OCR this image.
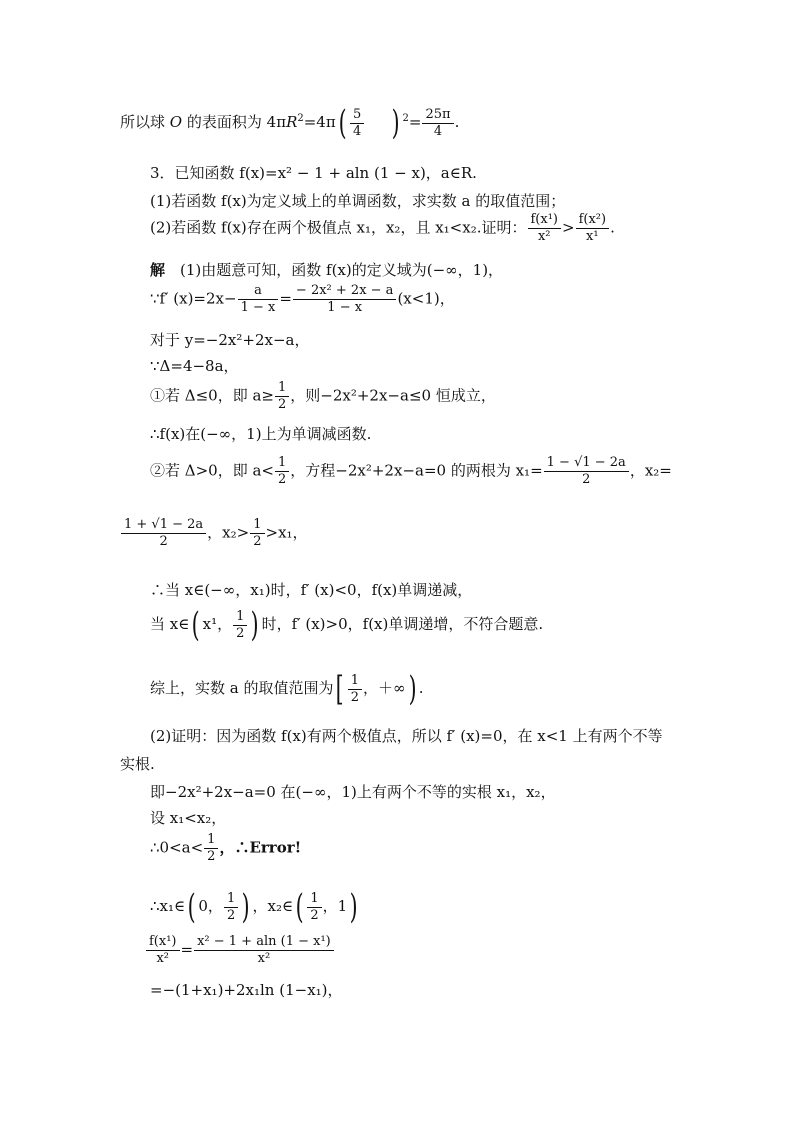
所以球 O 的表面积为 $4\pi R^2=4\pi( \frac{5}{4}$ ) $^2= \frac{25\pi}{4}$ .
3．已知函数 f(x)=x² − 1 + aln (1 − x)，a∈R.
(1)若函数 f(x)为定义域上的单调函数，求实数 a 的取值范围；
(2)若函数 f(x)存在两个极值点 x₁，x₂，且 x₁<x₂.证明： $\frac{\text{f(x¹)}}{\text{x²}} > \frac{\text{f(x²)}}{\text{x¹}}$ .
解　(1)由题意可知，函数 f(x)的定义域为(−∞，1)，
∵f′ $(x)=2x- \frac{a}{1 - x} = \frac{\text{− 2x² + 2x − a}}{1 - x} (x<1)$，
对于 y=−2x²+2x−a，
∵Δ=4−8a，
①若 Δ≤0，即 $a\ge \frac{1}{2}$ ，则−2x²+2x−a≤0 恒成立，
∴f(x)在(−∞，1)上为单调减函数.
②若 Δ>0，即 $a< \frac{1}{2}$ ，方程−2x²+2x−a=0 的两根为 $x_1= \frac{1 - √1 - 2a}{2}$ ，x₂=
$\frac{1 + √1 - 2a}{2}$ ，$x_2> \frac{1}{2} >x_1$，
∴当 x∈(−∞，x₁)时，f′ (x)<0，f(x)单调递减，
当 x∈( x¹， $\frac{1}{2}$ ) 时，f′ (x)>0，f(x)单调递增，不符合题意.
综上，实数 a 的取值范围为[ $\frac{1}{2}$ ，＋∞) .
(2)证明：因为函数 f(x)有两个极值点，所以 f′ (x)=0，在 x<1 上有两个不等
实根.
即−2x²+2x−a=0 在(−∞，1)上有两个不等的实根 x₁，x₂，
设 x₁<x₂，
∴0<a< $\frac{1}{2}$ ，∴Error!
∴x₁∈( 0， $\frac{1}{2}$ ) ，x₂∈( $\frac{1}{2}$ ，1)
$\frac{\text{f(x¹)}}{\text{x²}} = \frac{\text{x² − 1 + aln (1 − x¹)}}{\text{x²}}$
=−(1+x₁)+2x₁ln (1−x₁)，
